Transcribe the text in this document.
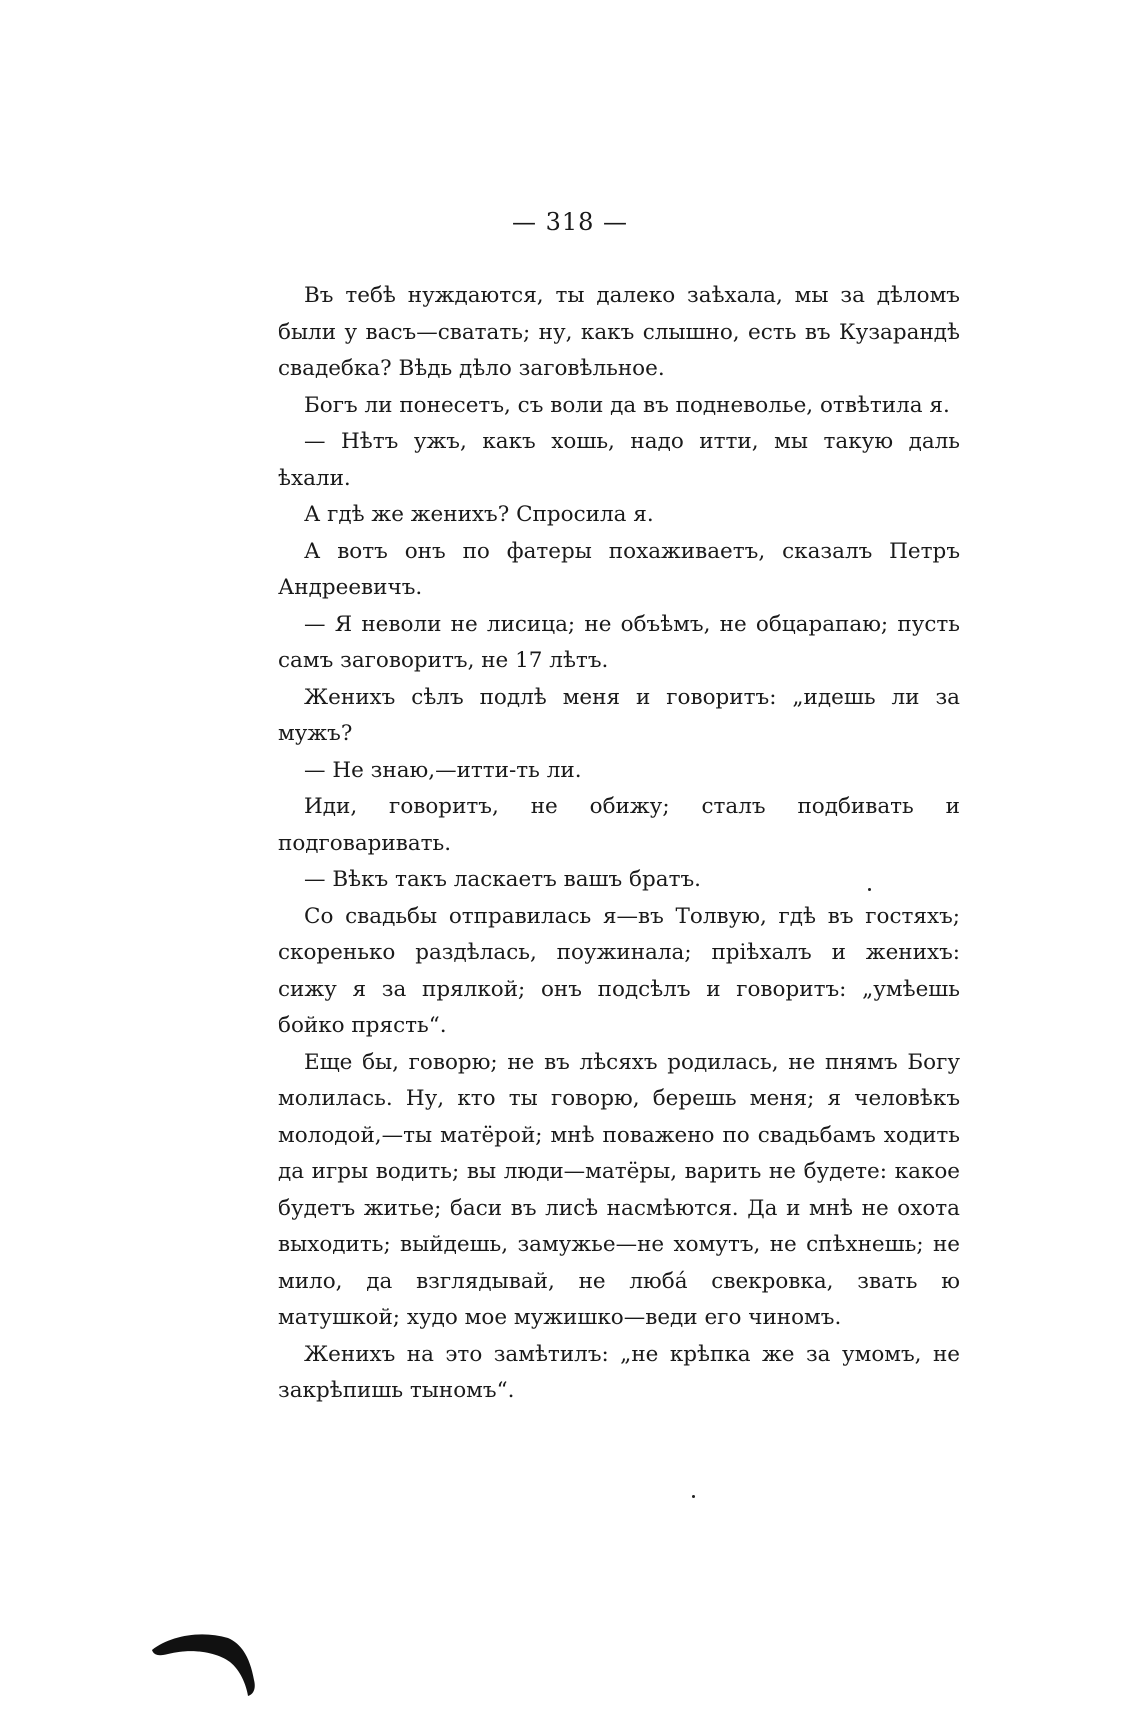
— 318 —

Въ тебѣ нуждаются, ты далеко заѣхала, мы за дѣломъ были у васъ—сватать; ну, какъ слышно, есть въ Кузарандѣ свадебка? Вѣдь дѣло заговѣльное.

Богъ ли понесетъ, съ воли да въ подневолье, отвѣтила я.

— Нѣтъ ужъ, какъ хошь, надо итти, мы такую даль ѣхали.

А гдѣ же женихъ? Спросила я.

А вотъ онъ по фатеры похаживаетъ, сказалъ Петръ Андреевичъ.

— Я неволи не лисица; не объѣмъ, не обцарапаю; пусть самъ заговоритъ, не 17 лѣтъ.

Женихъ сѣлъ подлѣ меня и говоритъ: „идешь ли за мужъ?

— Не знаю,—итти-ть ли.

Иди, говоритъ, не обижу; сталъ подбивать и подговаривать.

— Вѣкъ такъ ласкаетъ вашъ братъ.

Со свадьбы отправилась я—въ Толвую, гдѣ въ гостяхъ; скоренько раздѣлась, поужинала; пріѣхалъ и женихъ: сижу я за прялкой; онъ подсѣлъ и говоритъ: „умѣешь бойко прясть“.

Еще бы, говорю; не въ лѣсяхъ родилась, не пнямъ Богу молилась. Ну, кто ты говорю, берешь меня; я человѣкъ молодой,—ты матёрой; мнѣ поважено по свадьбамъ ходить да игры водить; вы люди—матёры, варить не будете: какое будетъ житье; баси въ лисѣ насмѣются. Да и мнѣ не охота выходить; выйдешь, замужье—не хомутъ, не спѣхнешь; не мило, да взглядывай, не любá свекровка, звать ю матушкой; худо мое мужишко—веди его чиномъ.

Женихъ на это замѣтилъ: „не крѣпка же за умомъ, не закрѣпишь тыномъ“.
